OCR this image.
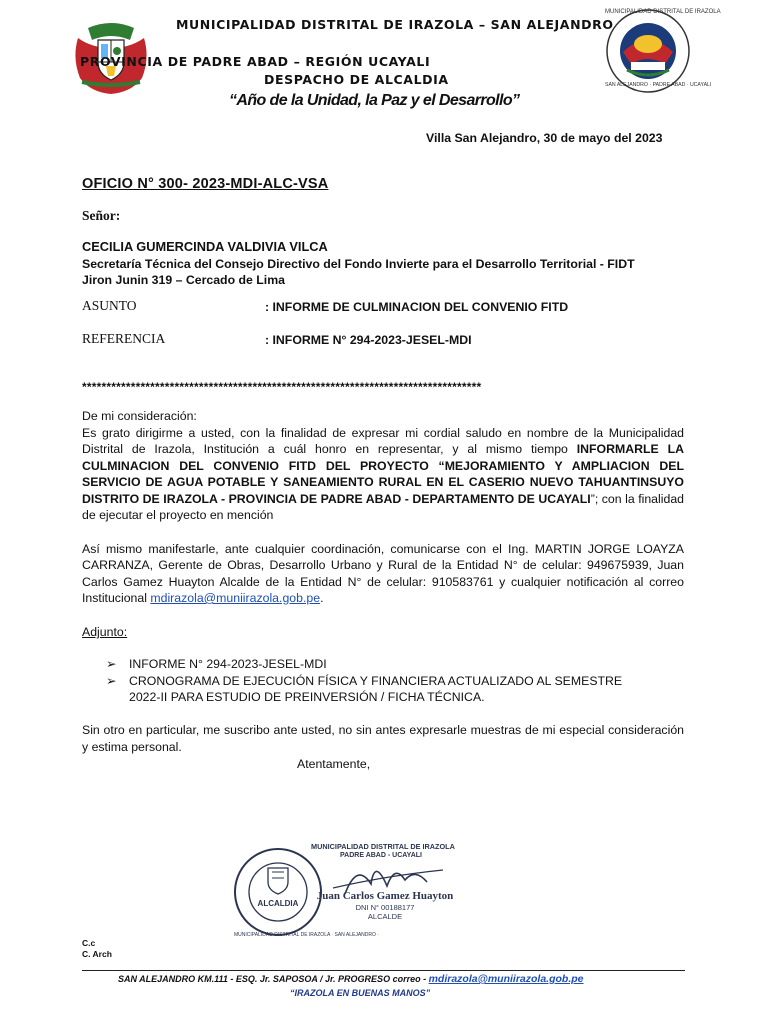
MUNICIPALIDAD DISTRITAL DE IRAZOLA
SAN ALEJANDRO · PADRE ABAD · UCAYALI
MUNICIPALIDAD DISTRITAL DE IRAZOLA – SAN ALEJANDRO
PROVINCIA DE PADRE ABAD – REGIÓN UCAYALI
DESPACHO DE ALCALDIA
“Año de la Unidad, la Paz y el Desarrollo”
Villa San Alejandro, 30 de mayo del 2023
OFICIO N° 300- 2023-MDI-ALC-VSA
Señor:
CECILIA GUMERCINDA VALDIVIA VILCA
Secretaría Técnica del Consejo Directivo del Fondo Invierte para el Desarrollo Territorial - FIDT
Jiron Junin 319 – Cercado de Lima
ASUNTO	: INFORME DE CULMINACION DEL CONVENIO FITD
REFERENCIA	: INFORME N° 294-2023-JESEL-MDI
**********************************************************************************
De mi consideración:
Es grato dirigirme a usted, con la finalidad de expresar mi cordial saludo en nombre de la Municipalidad Distrital de Irazola, Institución a cuál honro en representar, y al mismo tiempo INFORMARLE LA CULMINACION DEL CONVENIO FITD DEL PROYECTO “MEJORAMIENTO Y AMPLIACION DEL SERVICIO DE AGUA POTABLE Y SANEAMIENTO RURAL EN EL CASERIO NUEVO TAHUANTINSUYO DISTRITO DE IRAZOLA - PROVINCIA DE PADRE ABAD - DEPARTAMENTO DE UCAYALI”; con la finalidad de ejecutar el proyecto en mención
Así mismo manifestarle, ante cualquier coordinación, comunicarse con el Ing. MARTIN JORGE LOAYZA CARRANZA, Gerente de Obras, Desarrollo Urbano y Rural de la Entidad N° de celular: 949675939, Juan Carlos Gamez Huayton Alcalde de la Entidad N° de celular: 910583761 y cualquier notificación al correo Institucional mdirazola@muniirazola.gob.pe.
Adjunto:
➢ INFORME N° 294-2023-JESEL-MDI
➢ CRONOGRAMA DE EJECUCIÓN FÍSICA Y FINANCIERA ACTUALIZADO AL SEMESTRE 2022-II PARA ESTUDIO DE PREINVERSIÓN / FICHA TÉCNICA.
Sin otro en particular, me suscribo ante usted, no sin antes expresarle muestras de mi especial consideración y estima personal.
Atentamente,
MUNICIPALIDAD DISTRITAL DE IRAZOLA · SAN ALEJANDRO ·
ALCALDIA
MUNICIPALIDAD DISTRITAL DE IRAZOLA
PADRE ABAD - UCAYALI
Juan Carlos Gamez Huayton
DNI N° 00188177
ALCALDE
C.c
C. Arch
SAN ALEJANDRO KM.111 - ESQ. Jr. SAPOSOA / Jr. PROGRESO correo - mdirazola@muniirazola.gob.pe
“IRAZOLA EN BUENAS MANOS”
